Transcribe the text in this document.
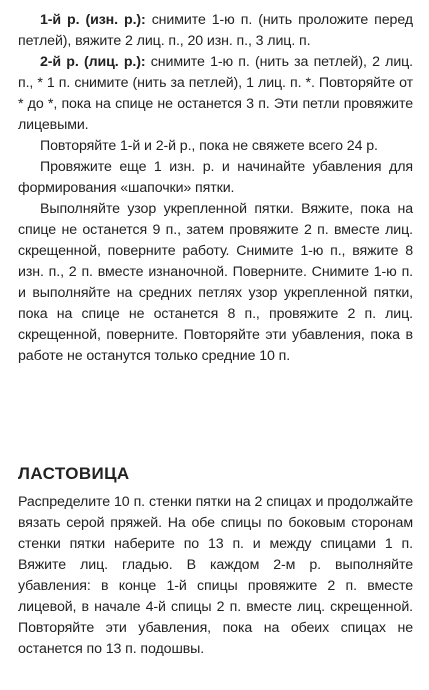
1-й р. (изн. р.): снимите 1-ю п. (нить проложите перед петлей), вяжите 2 лиц. п., 20 изн. п., 3 лиц. п.

2-й р. (лиц. р.): снимите 1-ю п. (нить за петлей), 2 лиц. п., * 1 п. снимите (нить за петлей), 1 лиц. п. *. Повторяйте от * до *, пока на спице не останется 3 п. Эти петли провяжите лицевыми.

Повторяйте 1-й и 2-й р., пока не свяжете всего 24 р.

Провяжите еще 1 изн. р. и начинайте убавления для формирования «шапочки» пятки.

Выполняйте узор укрепленной пятки. Вяжите, пока на спице не останется 9 п., затем провяжите 2 п. вместе лиц. скрещенной, поверните работу. Снимите 1-ю п., вяжите 8 изн. п., 2 п. вместе изнаночной. Поверните. Снимите 1-ю п. и выполняйте на средних петлях узор укрепленной пятки, пока на спице не останется 8 п., провяжите 2 п. лиц. скрещенной, поверните. Повторяйте эти убавления, пока в работе не останутся только средние 10 п.

ЛАСТОВИЦА

Распределите 10 п. стенки пятки на 2 спицах и продолжайте вязать серой пряжей. На обе спицы по боковым сторонам стенки пятки наберите по 13 п. и между спицами 1 п. Вяжите лиц. гладью. В каждом 2-м р. выполняйте убавления: в конце 1-й спицы провяжите 2 п. вместе лицевой, в начале 4-й спицы 2 п. вместе лиц. скрещенной. Повторяйте эти убавления, пока на обеих спицах не останется по 13 п. подошвы.
